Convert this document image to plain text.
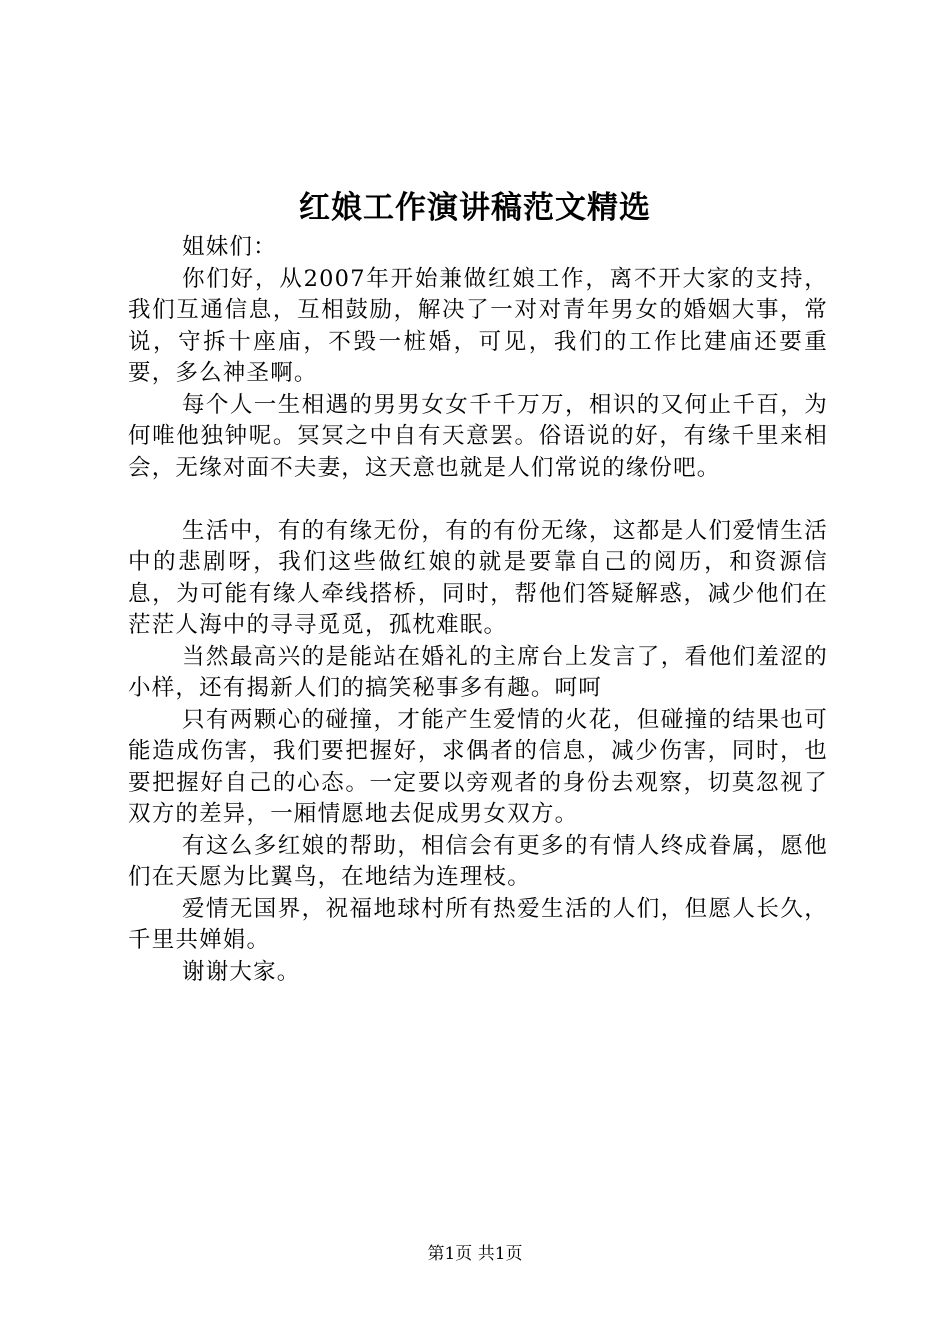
红娘工作演讲稿范文精选

姐妹们：

你们好，从2007年开始兼做红娘工作，离不开大家的支持，我们互通信息，互相鼓励，解决了一对对青年男女的婚姻大事，常说，守拆十座庙，不毁一桩婚，可见，我们的工作比建庙还要重要，多么神圣啊。

每个人一生相遇的男男女女千千万万，相识的又何止千百，为何唯他独钟呢。冥冥之中自有天意罢。俗语说的好，有缘千里来相会，无缘对面不夫妻，这天意也就是人们常说的缘份吧。

生活中，有的有缘无份，有的有份无缘，这都是人们爱情生活中的悲剧呀，我们这些做红娘的就是要靠自己的阅历，和资源信息，为可能有缘人牵线搭桥，同时，帮他们答疑解惑，减少他们在茫茫人海中的寻寻觅觅，孤枕难眠。

当然最高兴的是能站在婚礼的主席台上发言了，看他们羞涩的小样，还有揭新人们的搞笑秘事多有趣。呵呵

只有两颗心的碰撞，才能产生爱情的火花，但碰撞的结果也可能造成伤害，我们要把握好，求偶者的信息，减少伤害，同时，也要把握好自己的心态。一定要以旁观者的身份去观察，切莫忽视了双方的差异，一厢情愿地去促成男女双方。

有这么多红娘的帮助，相信会有更多的有情人终成眷属，愿他们在天愿为比翼鸟，在地结为连理枝。

爱情无国界，祝福地球村所有热爱生活的人们，但愿人长久，千里共婵娟。

谢谢大家。

第1页 共1页
